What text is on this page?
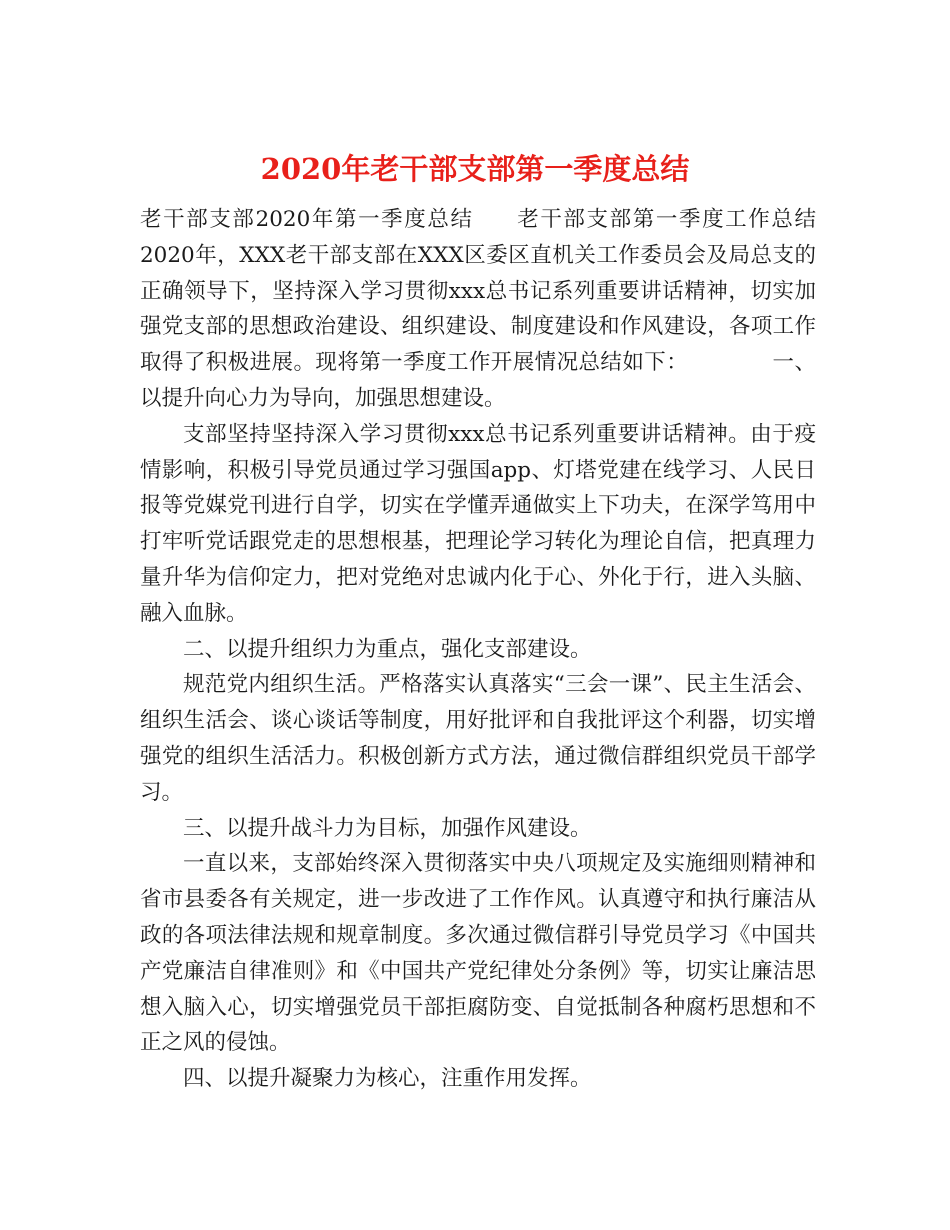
2020年老干部支部第一季度总结

老干部支部2020年第一季度总结 老干部支部第一季度工作总结2020年，XXX老干部支部在XXX区委区直机关工作委员会及局总支的正确领导下，坚持深入学习贯彻xxx总书记系列重要讲话精神，切实加强党支部的思想政治建设、组织建设、制度建设和作风建设，各项工作取得了积极进展。现将第一季度工作开展情况总结如下：	一、以提升向心力为导向，加强思想建设。

支部坚持坚持深入学习贯彻xxx总书记系列重要讲话精神。由于疫情影响，积极引导党员通过学习强国app、灯塔党建在线学习、人民日报等党媒党刊进行自学，切实在学懂弄通做实上下功夫，在深学笃用中打牢听党话跟党走的思想根基，把理论学习转化为理论自信，把真理力量升华为信仰定力，把对党绝对忠诚内化于心、外化于行，进入头脑、融入血脉。

二、以提升组织力为重点，强化支部建设。

规范党内组织生活。严格落实认真落实“三会一课”、民主生活会、组织生活会、谈心谈话等制度，用好批评和自我批评这个利器，切实增强党的组织生活活力。积极创新方式方法，通过微信群组织党员干部学习。

三、以提升战斗力为目标，加强作风建设。

一直以来，支部始终深入贯彻落实中央八项规定及实施细则精神和省市县委各有关规定，进一步改进了工作作风。认真遵守和执行廉洁从政的各项法律法规和规章制度。多次通过微信群引导党员学习《中国共产党廉洁自律准则》和《中国共产党纪律处分条例》等，切实让廉洁思想入脑入心，切实增强党员干部拒腐防变、自觉抵制各种腐朽思想和不正之风的侵蚀。

四、以提升凝聚力为核心，注重作用发挥。
